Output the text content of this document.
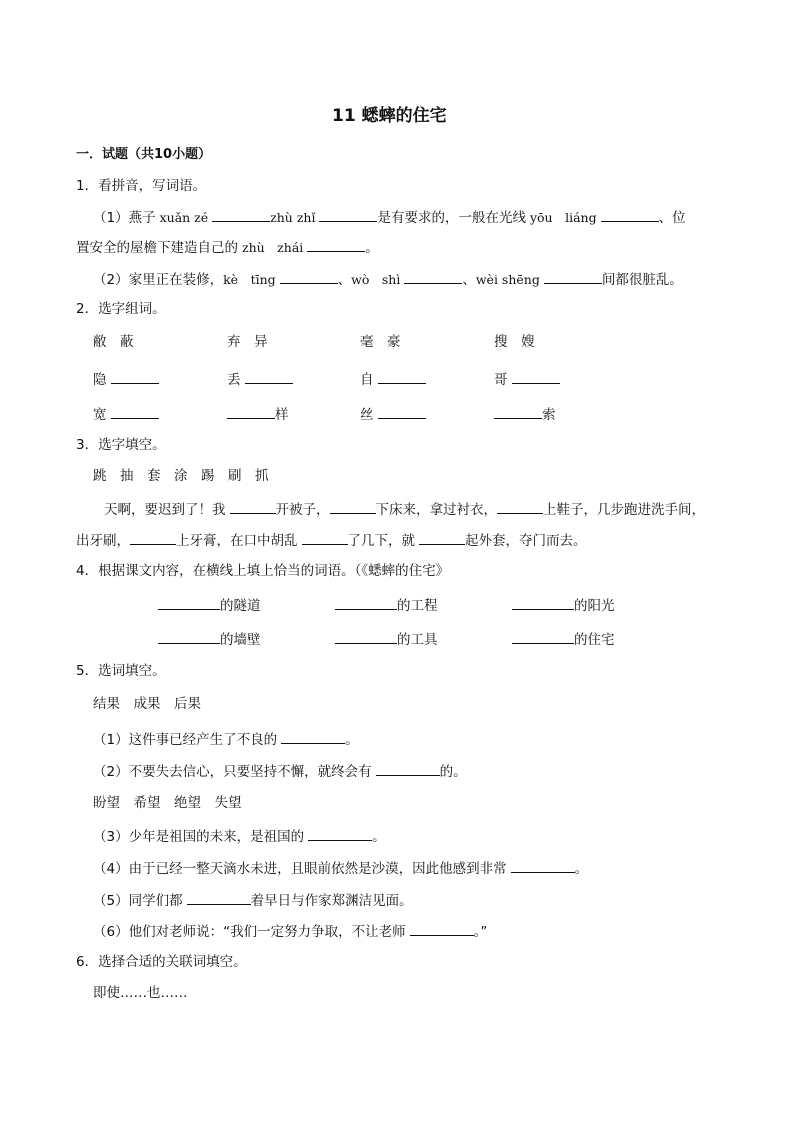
11 蟋蟀的住宅
一．试题（共10小题）
1．看拼音，写词语。
（1）燕子 xuǎn zé	zhù zhǐ	是有要求的，一般在光线 yōu　liáng	、位
置安全的屋檐下建造自己的 zhù　zhái	。
（2）家里正在装修，kè　tīng	、wò　shì	、wèi shēng	间都很脏乱。
2．选字组词。
敝　蔽	弃　异	毫　豪	搜　嫂
隐	丢	自	哥
宽	样	丝	索
3．选字填空。
跳　抽　套　涂　踢　刷　抓
天啊，要迟到了！我	开被子，	下床来，拿过衬衣，	上鞋子，几步跑进洗手间，
出牙刷，	上牙膏，在口中胡乱	了几下，就	起外套，夺门而去。
4．根据课文内容，在横线上填上恰当的词语。（《蟋蟀的住宅》
的隧道	的工程	的阳光
的墙壁	的工具	的住宅
5．选词填空。
结果　成果　后果
（1）这件事已经产生了不良的	。
（2）不要失去信心，只要坚持不懈，就终会有	的。
盼望　希望　绝望　失望
（3）少年是祖国的未来，是祖国的	。
（4）由于已经一整天滴水未进，且眼前依然是沙漠，因此他感到非常	。
（5）同学们都	着早日与作家郑渊洁见面。
（6）他们对老师说：“我们一定努力争取，不让老师	。”
6．选择合适的关联词填空。
即使……也……
